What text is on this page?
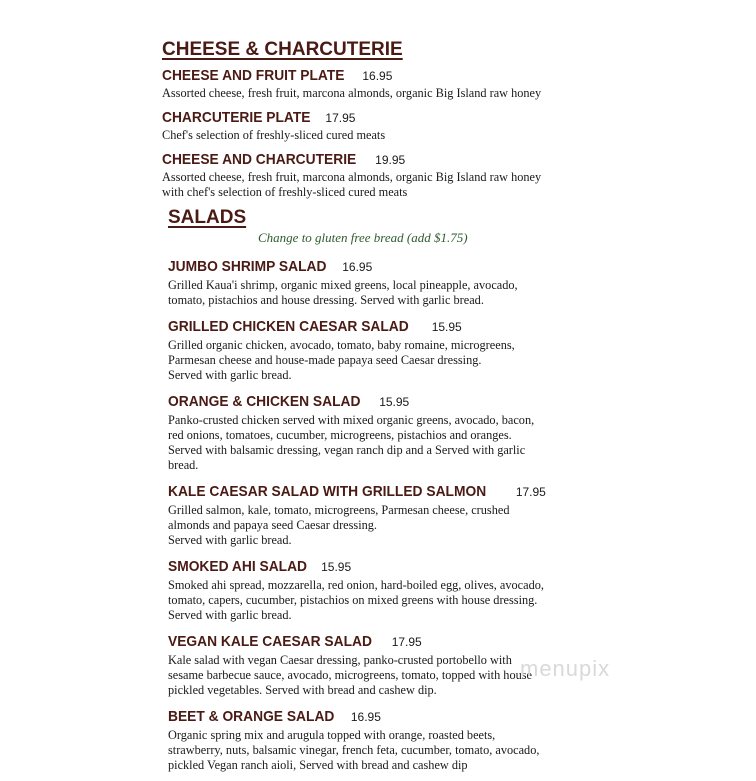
CHEESE & CHARCUTERIE
CHEESE AND FRUIT PLATE 16.95
Assorted cheese, fresh fruit, marcona almonds, organic Big Island raw honey
CHARCUTERIE PLATE 17.95
Chef's selection of freshly-sliced cured meats
CHEESE AND CHARCUTERIE 19.95
Assorted cheese, fresh fruit, marcona almonds, organic Big Island raw honey
with chef's selection of freshly-sliced cured meats
SALADS

Change to gluten free bread (add $1.75)

JUMBO SHRIMP SALAD 16.95
Grilled Kaua'i shrimp, organic mixed greens, local pineapple, avocado,
tomato, pistachios and house dressing. Served with garlic bread.
GRILLED CHICKEN CAESAR SALAD 15.95
Grilled organic chicken, avocado, tomato, baby romaine, microgreens,
Parmesan cheese and house-made papaya seed Caesar dressing.
Served with garlic bread.
ORANGE & CHICKEN SALAD 15.95
Panko-crusted chicken served with mixed organic greens, avocado, bacon,
red onions, tomatoes, cucumber, microgreens, pistachios and oranges.
Served with balsamic dressing, vegan ranch dip and a Served with garlic
bread.
KALE CAESAR SALAD WITH GRILLED SALMON 17.95
Grilled salmon, kale, tomato, microgreens, Parmesan cheese, crushed
almonds and papaya seed Caesar dressing.
Served with garlic bread.
SMOKED AHI SALAD 15.95
Smoked ahi spread, mozzarella, red onion, hard-boiled egg, olives, avocado,
tomato, capers, cucumber, pistachios on mixed greens with house dressing.
Served with garlic bread.
VEGAN KALE CAESAR SALAD 17.95
Kale salad with vegan Caesar dressing, panko-crusted portobello with
sesame barbecue sauce, avocado, microgreens, tomato, topped with house
pickled vegetables. Served with bread and cashew dip.
BEET & ORANGE SALAD 16.95
Organic spring mix and arugula topped with orange, roasted beets,
strawberry, nuts, balsamic vinegar, french feta, cucumber, tomato, avocado,
pickled Vegan ranch aioli, Served with bread and cashew dip
menupix
